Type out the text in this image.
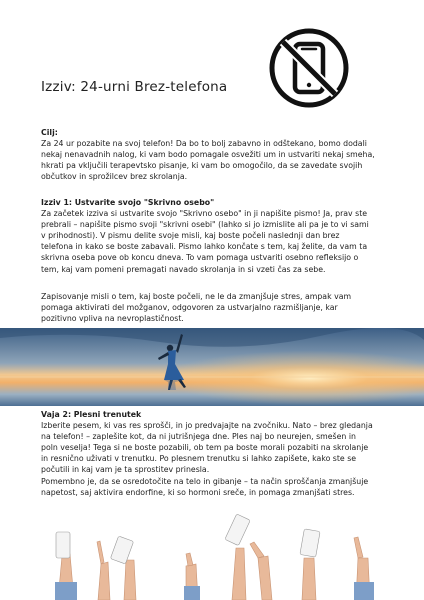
Izziv: 24-urni Brez-telefona
Cilj:
Za 24 ur pozabite na svoj telefon! Da bo to bolj zabavno in odštekano, bomo dodali
nekaj nenavadnih nalog, ki vam bodo pomagale osvežiti um in ustvariti nekaj smeha,
hkrati pa vključili terapevtsko pisanje, ki vam bo omogočilo, da se zavedate svojih
občutkov in sprožilcev brez skrolanja.
Izziv 1: Ustvarite svojo "Skrivno osebo"
Za začetek izziva si ustvarite svojo "Skrivno osebo" in ji napišite pismo! Ja, prav ste
prebrali – napišite pismo svoji "skrivni osebi" (lahko si jo izmislite ali pa je to vi sami
v prihodnosti). V pismu delite svoje misli, kaj boste počeli naslednji dan brez
telefona in kako se boste zabavali. Pismo lahko končate s tem, kaj želite, da vam ta
skrivna oseba pove ob koncu dneva. To vam pomaga ustvariti osebno refleksijo o
tem, kaj vam pomeni premagati navado skrolanja in si vzeti čas za sebe.
Zapisovanje misli o tem, kaj boste počeli, ne le da zmanjšuje stres, ampak vam
pomaga aktivirati del možganov, odgovoren za ustvarjalno razmišljanje, kar
pozitivno vpliva na nevroplastičnost.
Vaja 2: Plesni trenutek
Izberite pesem, ki vas res sprošči, in jo predvajajte na zvočniku. Nato – brez gledanja
na telefon! – zaplešite kot, da ni jutrišnjega dne. Ples naj bo neurejen, smešen in
poln veselja! Tega si ne boste pozabili, ob tem pa boste morali pozabiti na skrolanje
in resnično uživati v trenutku. Po plesnem trenutku si lahko zapišete, kako ste se
počutili in kaj vam je ta sprostitev prinesla.
Pomembno je, da se osredotočite na telo in gibanje – ta način sproščanja zmanjšuje
napetost, saj aktivira endorfine, ki so hormoni sreče, in pomaga zmanjšati stres.
